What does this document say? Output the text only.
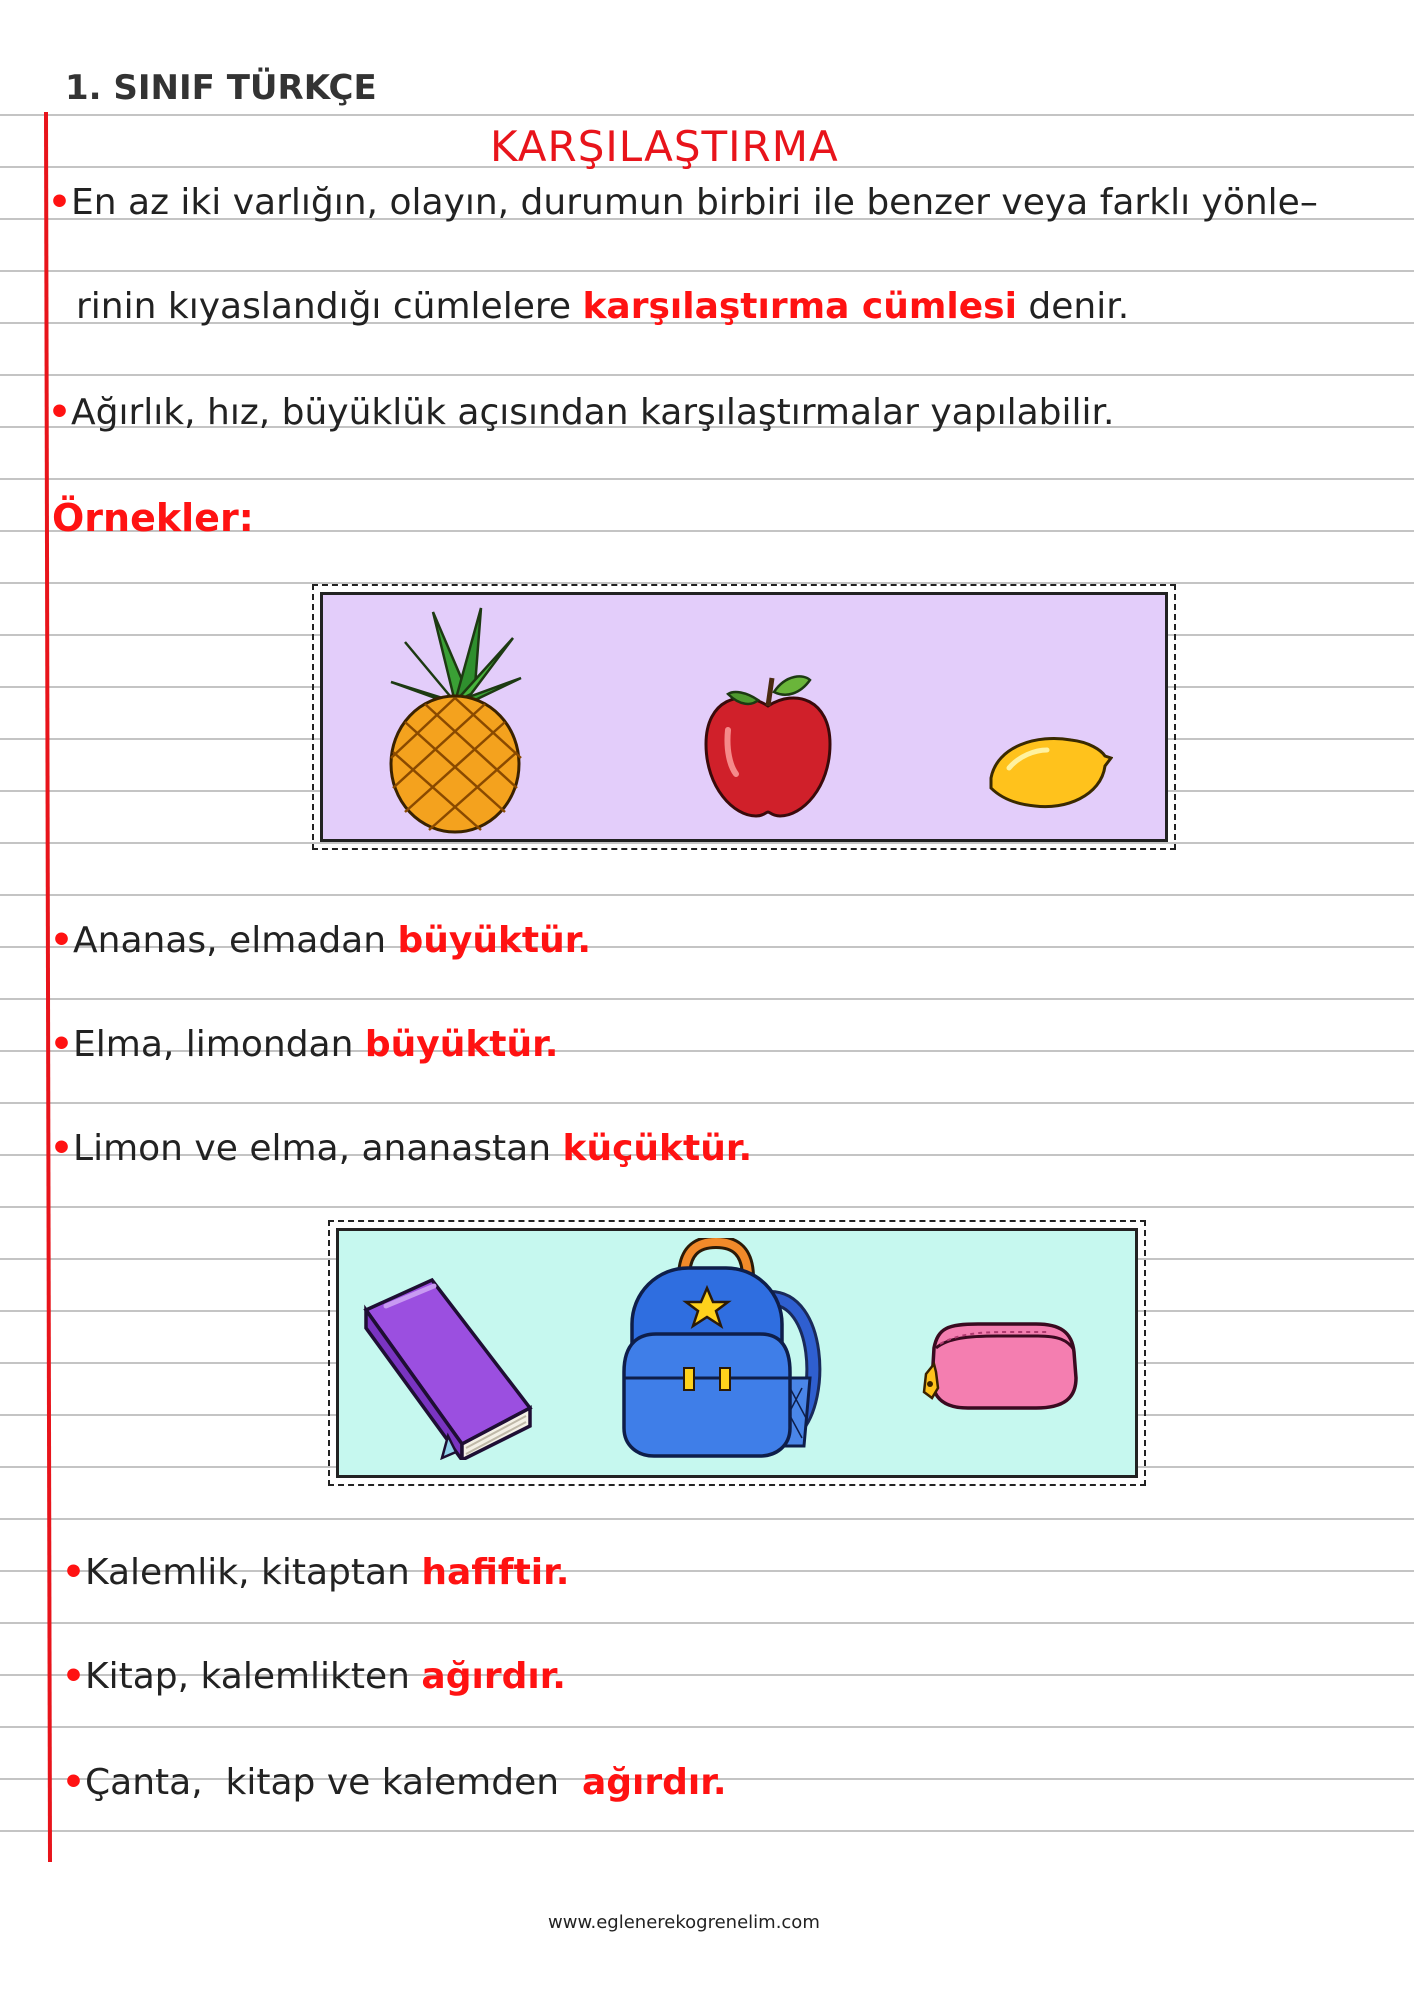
1. SINIF TÜRKÇE
KARŞILAŞTIRMA
•En az iki varlığın, olayın, durumun birbiri ile benzer veya farklı yönle–
rinin kıyaslandığı cümlelere karşılaştırma cümlesi denir.
•Ağırlık, hız, büyüklük açısından karşılaştırmalar yapılabilir.
Örnekler:
•Ananas, elmadan büyüktür.
•Elma, limondan büyüktür.
•Limon ve elma, ananastan küçüktür.
•Kalemlik, kitaptan hafiftir.
•Kitap, kalemlikten ağırdır.
•Çanta,  kitap ve kalemden  ağırdır.
www.eglenerekogrenelim.com
